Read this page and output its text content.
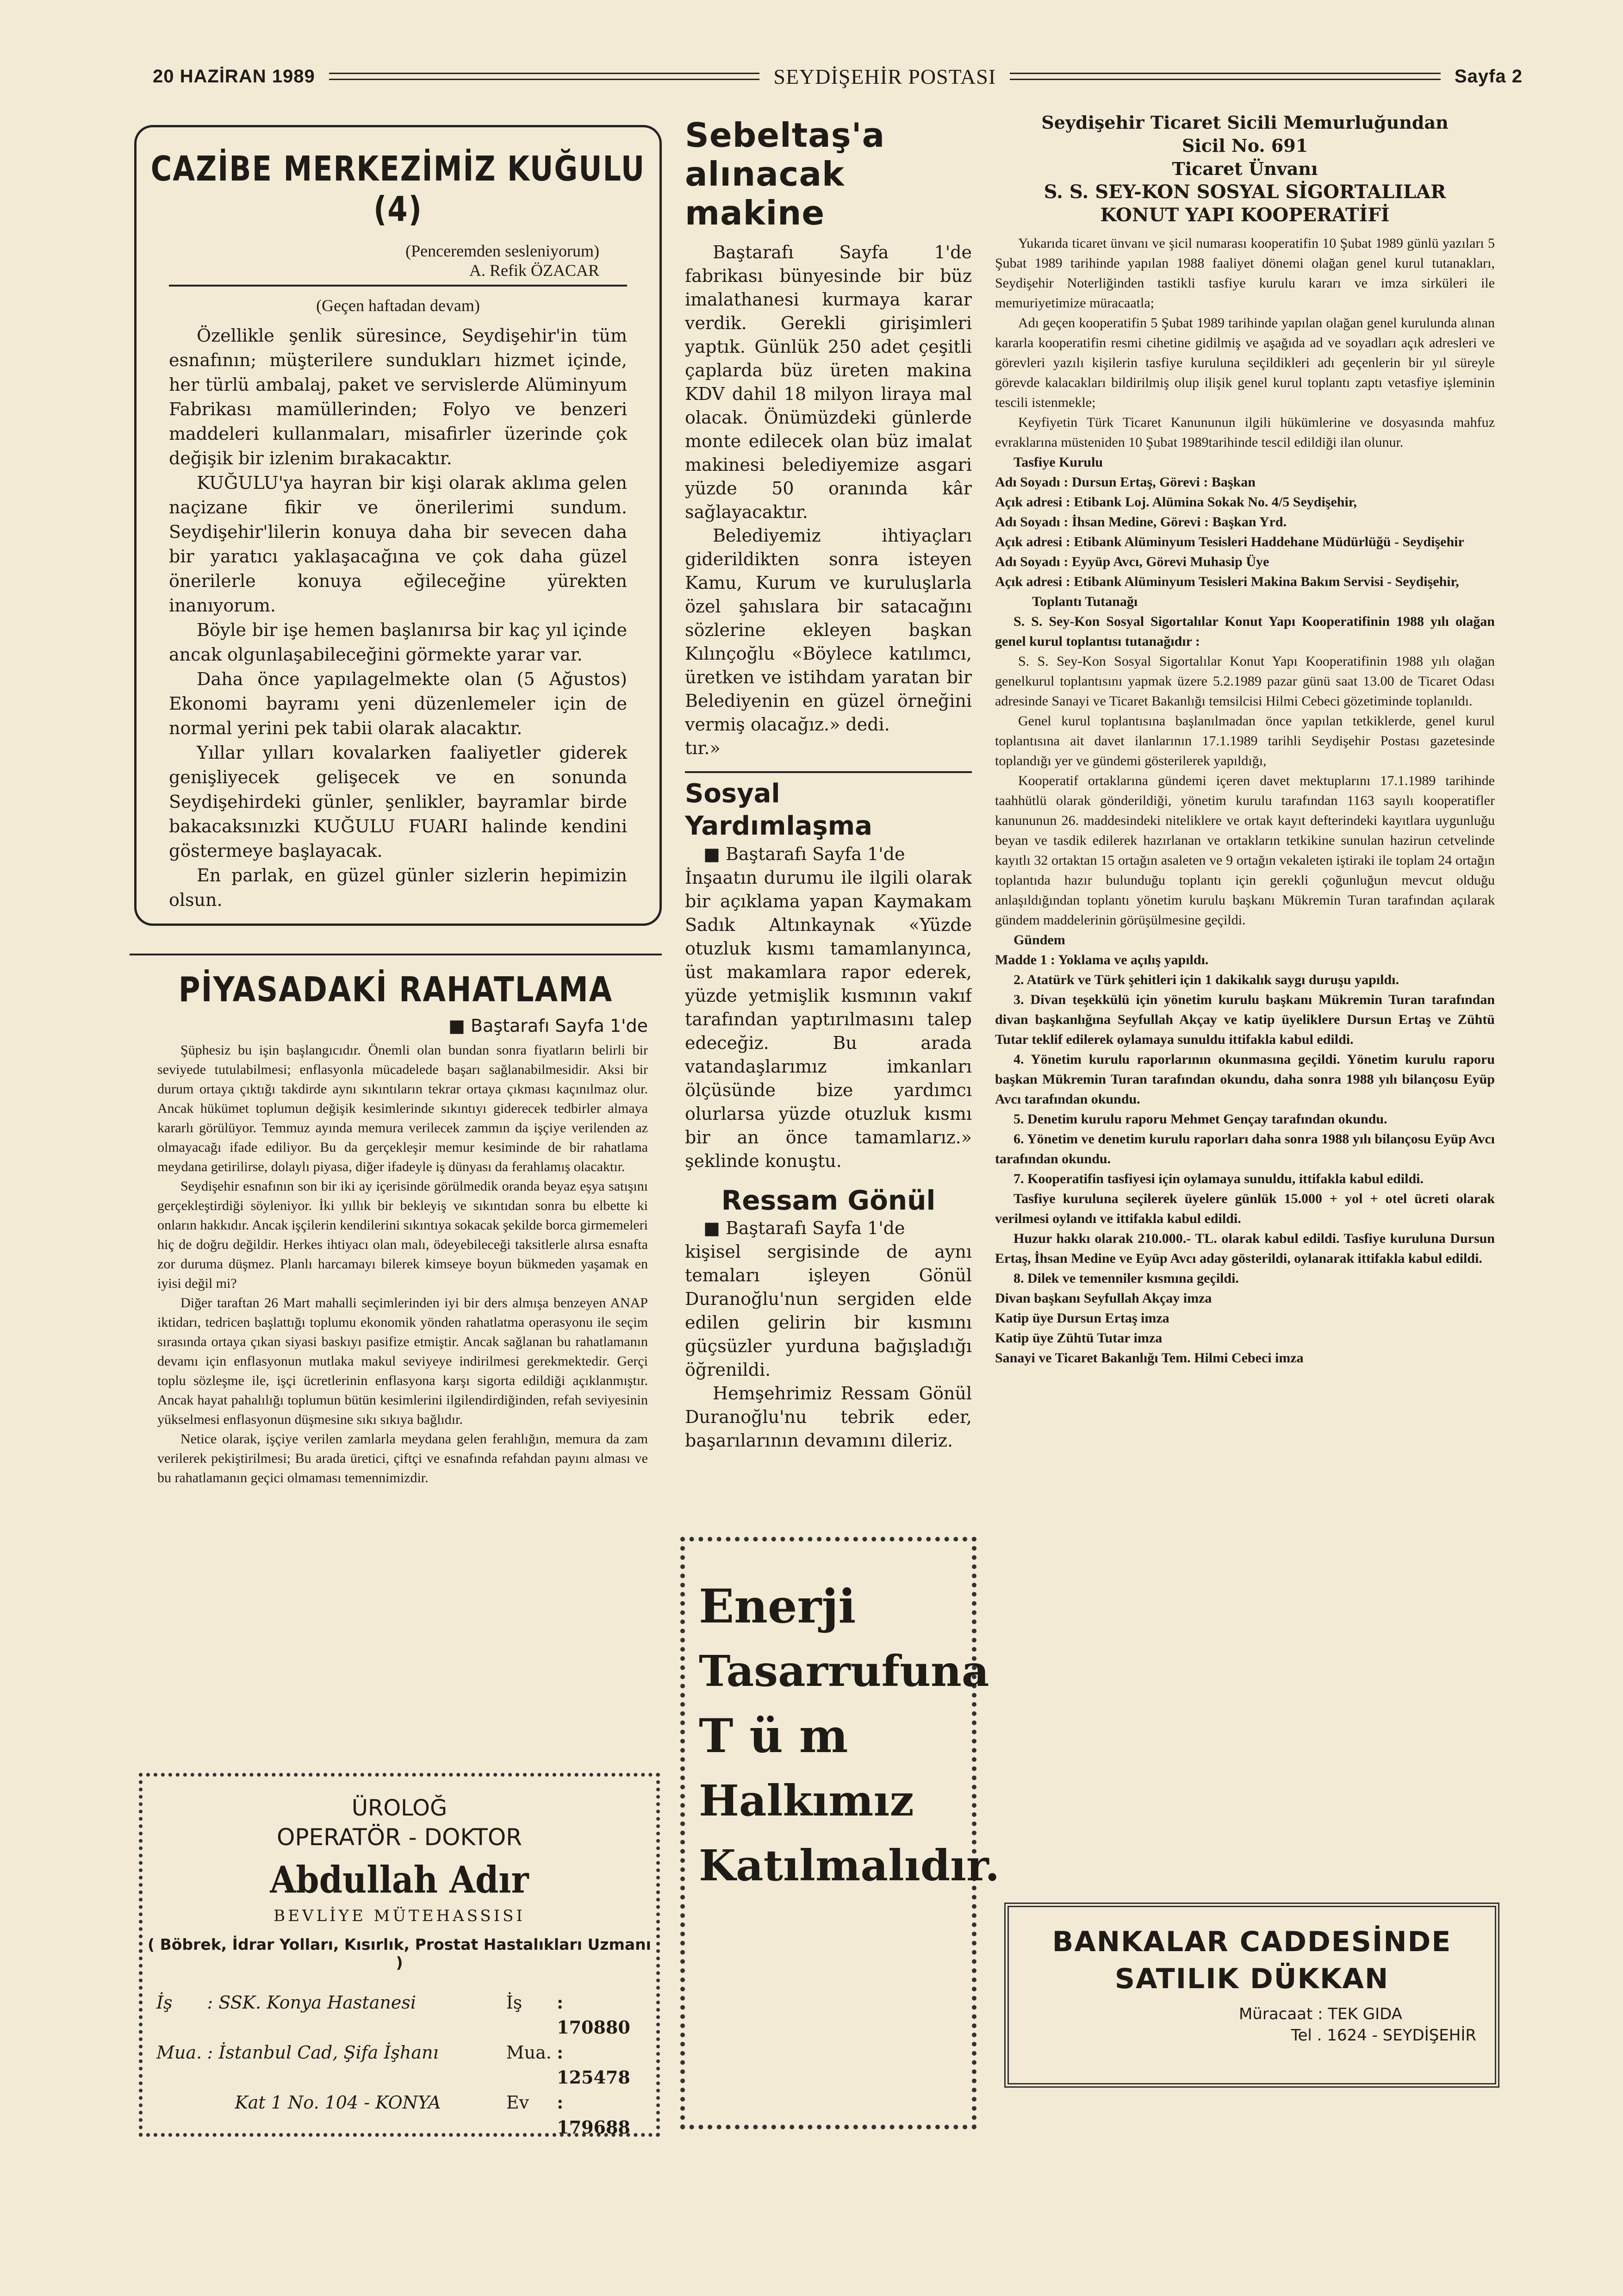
20 HAZİRAN 1989	SEYDİŞEHİR POSTASI	Sayfa 2
CAZİBE MERKEZİMİZ KUĞULU (4)
(Penceremden sesleniyorum)
A. Refik ÖZACAR
(Geçen haftadan devam)

Özellikle şenlik süresince, Seydişehir'in tüm esnafının; müşterilere sundukları hizmet içinde, her türlü ambalaj, paket ve servislerde Alüminyum Fabrikası mamüllerinden; Folyo ve benzeri maddeleri kullanmaları, misafirler üzerinde çok değişik bir izlenim bırakacaktır.

KUĞULU'ya hayran bir kişi olarak aklıma gelen naçizane fikir ve önerilerimi sundum. Seydişehir'lilerin konuya daha bir sevecen daha bir yaratıcı yaklaşacağına ve çok daha güzel önerilerle konuya eğileceğine yürekten inanıyorum.

Böyle bir işe hemen başlanırsa bir kaç yıl içinde ancak olgunlaşabileceğini görmekte yarar var.

Daha önce yapılagelmekte olan (5 Ağustos) Ekonomi bayramı yeni düzenlemeler için de normal yerini pek tabii olarak alacaktır.

Yıllar yılları kovalarken faaliyetler giderek genişliyecek gelişecek ve en sonunda Seydişehirdeki günler, şenlikler, bayramlar birde bakacaksınızki KUĞULU FUARI halinde kendini göstermeye başlayacak.

En parlak, en güzel günler sizlerin hepimizin olsun.

PİYASADAKİ RAHATLAMA
■ Baştarafı Sayfa 1'de

Şüphesiz bu işin başlangıcıdır. Önemli olan bundan sonra fiyatların belirli bir seviyede tutulabilmesi; enflasyonla mücadelede başarı sağlanabilmesidir. Aksi bir durum ortaya çıktığı takdirde aynı sıkıntıların tekrar ortaya çıkması kaçınılmaz olur. Ancak hükümet toplumun değişik kesimlerinde sıkıntıyı giderecek tedbirler almaya kararlı görülüyor. Temmuz ayında memura verilecek zammın da işçiye verilenden az olmayacağı ifade ediliyor. Bu da gerçekleşir memur kesiminde de bir rahatlama meydana getirilirse, dolaylı piyasa, diğer ifadeyle iş dünyası da ferahlamış olacaktır.

Seydişehir esnafının son bir iki ay içerisinde görülmedik oranda beyaz eşya satışını gerçekleştirdiği söyleniyor. İki yıllık bir bekleyiş ve sıkıntıdan sonra bu elbette ki onların hakkıdır. Ancak işçilerin kendilerini sıkıntıya sokacak şekilde borca girmemeleri hiç de doğru değildir. Herkes ihtiyacı olan malı, ödeyebileceği taksitlerle alırsa esnafta zor duruma düşmez. Planlı harcamayı bilerek kimseye boyun bükmeden yaşamak en iyisi değil mi?

Diğer taraftan 26 Mart mahalli seçimlerinden iyi bir ders almışa benzeyen ANAP iktidarı, tedricen başlattığı toplumu ekonomik yönden rahatlatma operasyonu ile seçim sırasında ortaya çıkan siyasi baskıyı pasifize etmiştir. Ancak sağlanan bu rahatlamanın devamı için enflasyonun mutlaka makul seviyeye indirilmesi gerekmektedir. Gerçi toplu sözleşme ile, işçi ücretlerinin enflasyona karşı sigorta edildiği açıklanmıştır. Ancak hayat pahalılığı toplumun bütün kesimlerini ilgilendirdiğinden, refah seviyesinin yükselmesi enflasyonun düşmesine sıkı sıkıya bağlıdır.

Netice olarak, işçiye verilen zamlarla meydana gelen ferahlığın, memura da zam verilerek pekiştirilmesi; Bu arada üretici, çiftçi ve esnafında refahdan payını alması ve bu rahatlamanın geçici olmaması temennimizdir.

ÜROLOĞ
OPERATÖR - DOKTOR
Abdullah Adır
BEVLİYE MÜTEHASSISI
( Böbrek, İdrar Yolları, Kısırlık, Prostat Hastalıkları Uzmanı )
İş	: SSK. Konya Hastanesi	İş	: 170880
Mua. : İstanbul Cad, Şifa İşhanı	Mua. : 125478
Kat 1 No. 104 - KONYA	Ev	: 179688
Sebeltaş'a
alınacak makine

Baştarafı Sayfa 1'de fabrikası bünyesinde bir büz imalathanesi kurmaya karar verdik. Gerekli girişimleri yaptık. Günlük 250 adet çeşitli çaplarda büz üreten makina KDV dahil 18 milyon liraya mal olacak. Önümüzdeki günlerde monte edilecek olan büz imalat makinesi belediyemize asgari yüzde 50 oranında kâr sağlayacaktır.

Belediyemiz ihtiyaçları giderildikten sonra isteyen Kamu, Kurum ve kuruluşlarla özel şahıslara bir satacağını sözlerine ekleyen başkan Kılınçoğlu «Böylece katılımcı, üretken ve istihdam yaratan bir Belediyenin en güzel örneğini vermiş olacağız.» dedi.

tır.»

Sosyal Yardımlaşma
■ Baştarafı Sayfa 1'de

İnşaatın durumu ile ilgili olarak bir açıklama yapan Kaymakam Sadık Altınkaynak «Yüzde otuzluk kısmı tamamlanyınca, üst makamlara rapor ederek, yüzde yetmişlik kısmının vakıf tarafından yaptırılmasını talep edeceğiz. Bu arada vatandaşlarımız imkanları ölçüsünde bize yardımcı olurlarsa yüzde otuzluk kısmı bir an önce tamamlarız.» şeklinde konuştu.

Ressam Gönül
■ Baştarafı Sayfa 1'de

kişisel sergisinde de aynı temaları işleyen Gönül Duranoğlu'nun sergiden elde edilen gelirin bir kısmını güçsüzler yurduna bağışladığı öğrenildi.

Hemşehrimiz Ressam Gönül Duranoğlu'nu tebrik eder, başarılarının devamını dileriz.

Enerji
Tasarrufuna
T ü m
Halkımız
Katılmalıdır.
Seydişehir Ticaret Sicili Memurluğundan
Sicil No. 691
Ticaret Ünvanı
S. S. SEY-KON SOSYAL SİGORTALILAR KONUT YAPI KOOPERATİFİ

Yukarıda ticaret ünvanı ve şicil numarası kooperatifin 10 Şubat 1989 günlü yazıları 5 Şubat 1989 tarihinde yapılan 1988 faaliyet dönemi olağan genel kurul tutanakları, Seydişehir Noterliğinden tastikli tasfiye kurulu kararı ve imza sirküleri ile memuriyetimize müracaatla;

Adı geçen kooperatifin 5 Şubat 1989 tarihinde yapılan olağan genel kurulunda alınan kararla kooperatifin resmi cihetine gidilmiş ve aşağıda ad ve soyadları açık adresleri ve görevleri yazılı kişilerin tasfiye kuruluna seçildikleri adı geçenlerin bir yıl süreyle görevde kalacakları bildirilmiş olup ilişik genel kurul toplantı zaptı vetasfiye işleminin tescili istenmekle;

Keyfiyetin Türk Ticaret Kanununun ilgili hükümlerine ve dosyasında mahfuz evraklarına müsteniden 10 Şubat 1989tarihinde tescil edildiği ilan olunur.

Tasfiye Kurulu

Adı Soyadı : Dursun Ertaş, Görevi : Başkan

Açık adresi : Etibank Loj. Alümina Sokak No. 4/5 Seydişehir,

Adı Soyadı : İhsan Medine, Görevi : Başkan Yrd.

Açık adresi : Etibank Alüminyum Tesisleri Haddehane Müdürlüğü - Seydişehir

Adı Soyadı : Eyyüp Avcı, Görevi Muhasip Üye

Açık adresi : Etibank Alüminyum Tesisleri Makina Bakım Servisi - Seydişehir,

Toplantı Tutanağı

S. S. Sey-Kon Sosyal Sigortalılar Konut Yapı Kooperatifinin 1988 yılı olağan genel kurul toplantısı tutanağıdır :

S. S. Sey-Kon Sosyal Sigortalılar Konut Yapı Kooperatifinin 1988 yılı olağan genelkurul toplantısını yapmak üzere 5.2.1989 pazar günü saat 13.00 de Ticaret Odası adresinde Sanayi ve Ticaret Bakanlığı temsilcisi Hilmi Cebeci gözetiminde toplanıldı.

Genel kurul toplantısına başlanılmadan önce yapılan tetkiklerde, genel kurul toplantısına ait davet ilanlarının 17.1.1989 tarihli Seydişehir Postası gazetesinde toplandığı yer ve gündemi gösterilerek yapıldığı,

Kooperatif ortaklarına gündemi içeren davet mektuplarını 17.1.1989 tarihinde taahhütlü olarak gönderildiği, yönetim kurulu tarafından 1163 sayılı kooperatifler kanununun 26. maddesindeki niteliklere ve ortak kayıt defterindeki kayıtlara uygunluğu beyan ve tasdik edilerek hazırlanan ve ortakların tetkikine sunulan hazirun cetvelinde kayıtlı 32 ortaktan 15 ortağın asaleten ve 9 ortağın vekaleten iştiraki ile toplam 24 ortağın toplantıda hazır bulunduğu toplantı için gerekli çoğunluğun mevcut olduğu anlaşıldığından toplantı yönetim kurulu başkanı Mükremin Turan tarafından açılarak gündem maddelerinin görüşülmesine geçildi.

Gündem

Madde 1 : Yoklama ve açılış yapıldı.

2. Atatürk ve Türk şehitleri için 1 dakikalık saygı duruşu yapıldı.

3. Divan teşekkülü için yönetim kurulu başkanı Mükremin Turan tarafından divan başkanlığına Seyfullah Akçay ve katip üyeliklere Dursun Ertaş ve Zühtü Tutar teklif edilerek oylamaya sunuldu ittifakla kabul edildi.

4. Yönetim kurulu raporlarının okunmasına geçildi. Yönetim kurulu raporu başkan Mükremin Turan tarafından okundu, daha sonra 1988 yılı bilançosu Eyüp Avcı tarafından okundu.

5. Denetim kurulu raporu Mehmet Gençay tarafından okundu.

6. Yönetim ve denetim kurulu raporları daha sonra 1988 yılı bilançosu Eyüp Avcı tarafından okundu.

7. Kooperatifin tasfiyesi için oylamaya sunuldu, ittifakla kabul edildi.

Tasfiye kuruluna seçilerek üyelere günlük 15.000 + yol + otel ücreti olarak verilmesi oylandı ve ittifakla kabul edildi.

Huzur hakkı olarak 210.000.- TL. olarak kabul edildi. Tasfiye kuruluna Dursun Ertaş, İhsan Medine ve Eyüp Avcı aday gösterildi, oylanarak ittifakla kabul edildi.

8. Dilek ve temenniler kısmına geçildi.

Divan başkanı Seyfullah Akçay imza

Katip üye Dursun Ertaş imza

Katip üye Zühtü Tutar imza

Sanayi ve Ticaret Bakanlığı Tem. Hilmi Cebeci imza

BANKALAR CADDESİNDE
SATILIK DÜKKAN
Müracaat : TEK GIDA
Tel . 1624 - SEYDİŞEHİR
